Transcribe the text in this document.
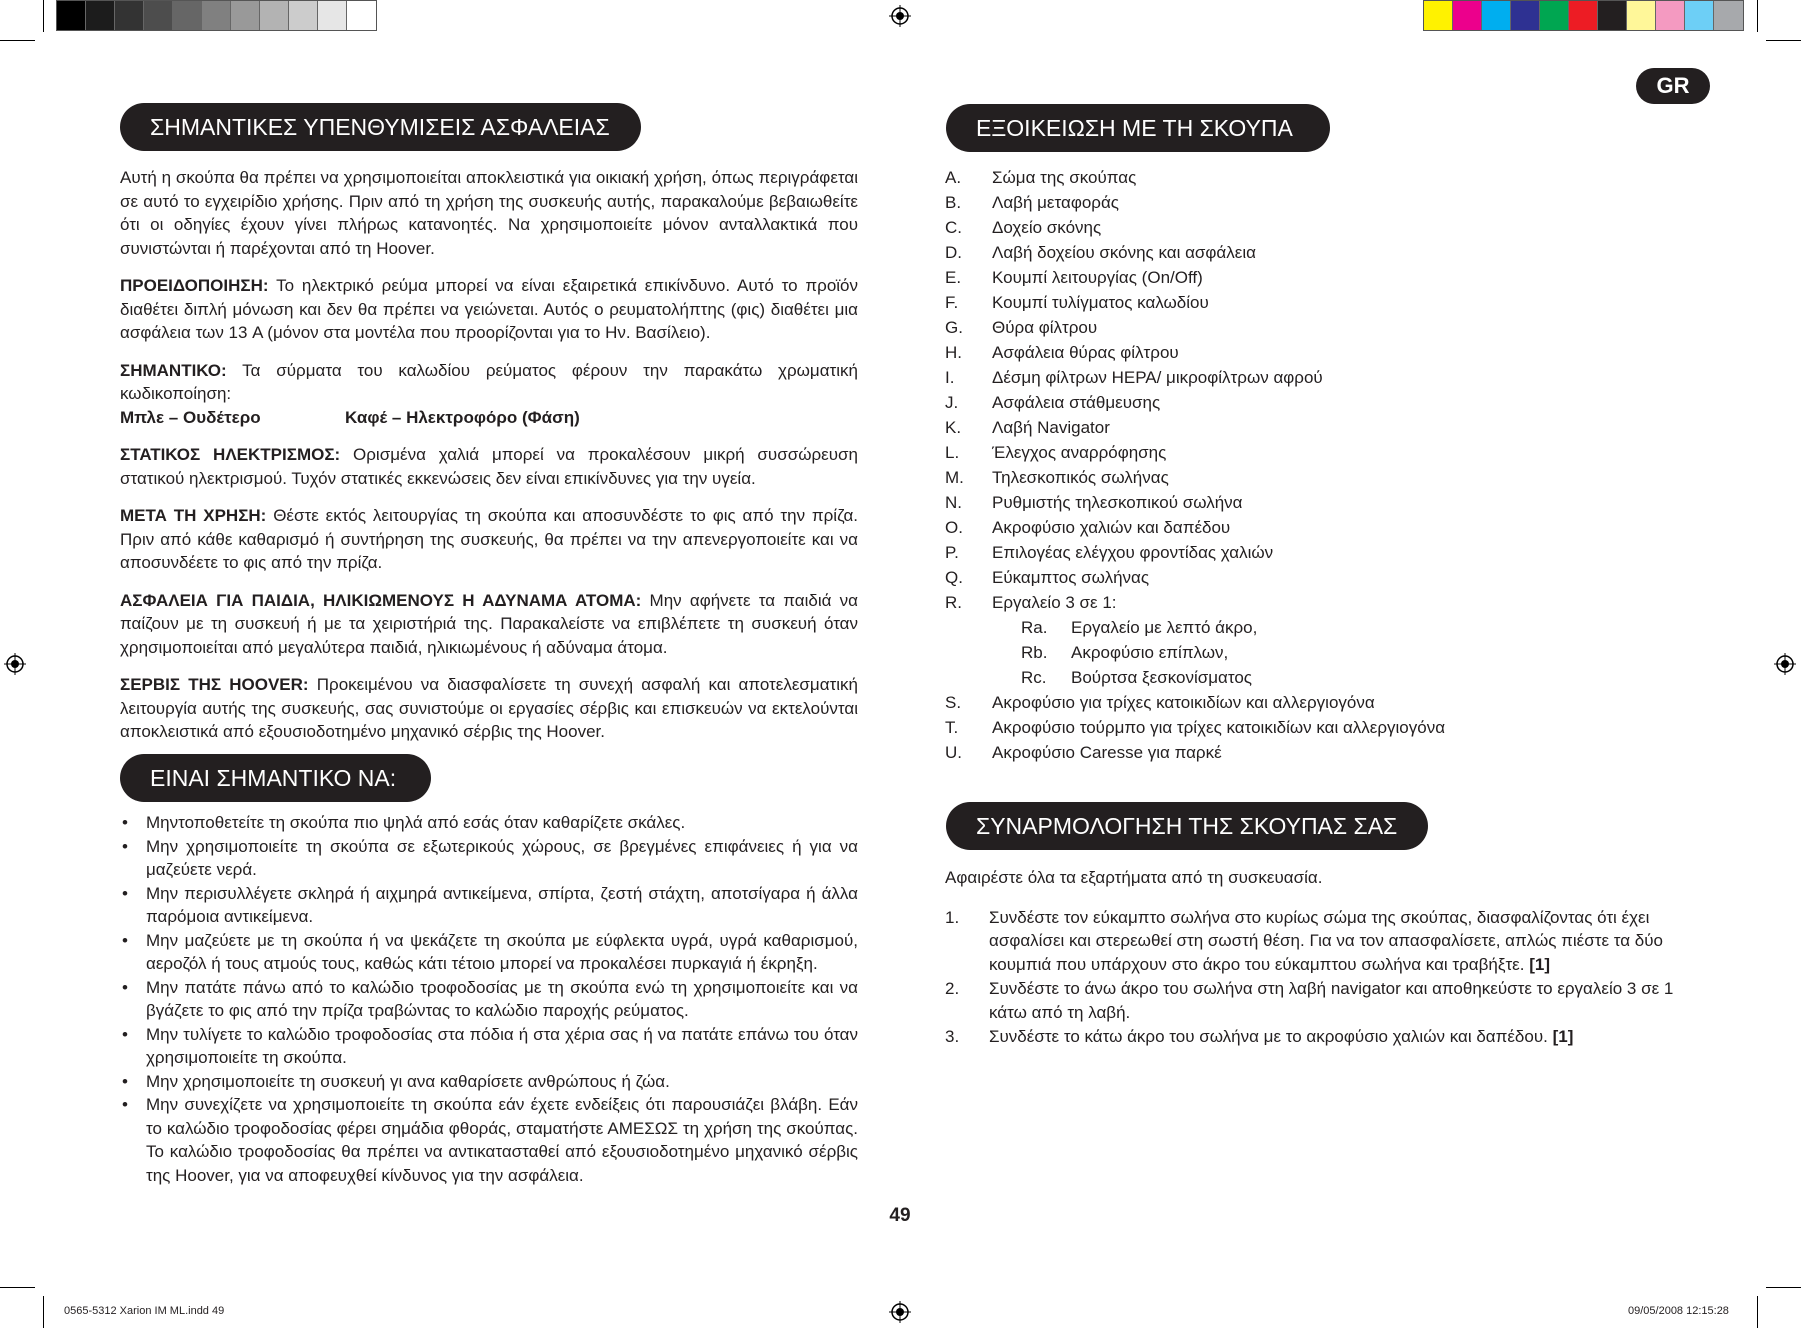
GR
ΣΗΜΑΝΤΙΚΕΣ ΥΠΕΝΘΥΜΙΣΕΙΣ ΑΣΦΑΛΕΙΑΣ

Αυτή η σκούπα θα πρέπει να χρησιμοποιείται αποκλειστικά για οικιακή χρήση, όπως περιγράφεται σε αυτό το εγχειρίδιο χρήσης. Πριν από τη χρήση της συσκευής αυτής, παρακαλούμε βεβαιωθείτε ότι οι οδηγίες έχουν γίνει πλήρως κατανοητές. Να χρησιμοποιείτε μόνον ανταλλακτικά που συνιστώνται ή παρέχονται από τη Hoover.

ΠΡΟΕΙΔΟΠΟΙΗΣΗ: Το ηλεκτρικό ρεύμα μπορεί να είναι εξαιρετικά επικίνδυνο. Αυτό το προϊόν διαθέτει διπλή μόνωση και δεν θα πρέπει να γειώνεται. Αυτός ο ρευματολήπτης (φις) διαθέτει μια ασφάλεια των 13 A (μόνον στα μοντέλα που προορίζονται για το Hν. Βασίλειο).

ΣΗΜΑΝΤΙΚΟ: Τα σύρματα του καλωδίου ρεύματος φέρουν την παρακάτω χρωματική κωδικοποίηση:

Μπλε – Ουδέτερο	Καφέ – Ηλεκτροφόρο (Φάση)

ΣΤΑΤΙΚΟΣ ΗΛΕΚΤΡΙΣΜΟΣ: Ορισμένα χαλιά μπορεί να προκαλέσουν μικρή συσσώρευση στατικού ηλεκτρισμού. Τυχόν στατικές εκκενώσεις δεν είναι επικίνδυνες για την υγεία.

ΜΕΤΑ ΤΗ ΧΡΗΣΗ: Θέστε εκτός λειτουργίας τη σκούπα και αποσυνδέστε το φις από την πρίζα. Πριν από κάθε καθαρισμό ή συντήρηση της συσκευής, θα πρέπει να την απενεργοποιείτε και να αποσυνδέετε το φις από την πρίζα.

ΑΣΦΑΛΕΙΑ ΓΙΑ ΠΑΙΔΙΑ, ΗΛΙΚΙΩΜΕΝΟΥΣ Η ΑΔΥΝΑΜΑ ΑΤΟΜΑ: Μην αφήνετε τα παιδιά να παίζουν με τη συσκευή ή με τα χειριστήριά της. Παρακαλείστε να επιβλέπετε τη συσκευή όταν χρησιμοποιείται από μεγαλύτερα παιδιά, ηλικιωμένους ή αδύναμα άτομα.

ΣΕΡΒΙΣ ΤΗΣ HOOVER: Προκειμένου να διασφαλίσετε τη συνεχή ασφαλή και αποτελεσματική λειτουργία αυτής της συσκευής, σας συνιστούμε οι εργασίες σέρβις και επισκευών να εκτελούνται αποκλειστικά από εξουσιοδοτημένο μηχανικό σέρβις της Hoover.

ΕΙΝΑΙ ΣΗΜΑΝΤΙΚΟ ΝΑ:
• Μηντοποθετείτε τη σκούπα πιο ψηλά από εσάς όταν καθαρίζετε σκάλες.
• Μην χρησιμοποιείτε τη σκούπα σε εξωτερικούς χώρους, σε βρεγμένες επιφάνειες ή για να μαζεύετε νερά.
• Μην περισυλλέγετε σκληρά ή αιχμηρά αντικείμενα, σπίρτα, ζεστή στάχτη, αποτσίγαρα ή άλλα παρόμοια αντικείμενα.
• Μην μαζεύετε με τη σκούπα ή να ψεκάζετε τη σκούπα με εύφλεκτα υγρά, υγρά καθαρισμού, αεροζόλ ή τους ατμούς τους, καθώς κάτι τέτοιο μπορεί να προκαλέσει πυρκαγιά ή έκρηξη.
• Μην πατάτε πάνω από το καλώδιο τροφοδοσίας με τη σκούπα ενώ τη χρησιμοποιείτε και να βγάζετε το φις από την πρίζα τραβώντας το καλώδιο παροχής ρεύματος.
• Μην τυλίγετε το καλώδιο τροφοδοσίας στα πόδια ή στα χέρια σας ή να πατάτε επάνω του όταν χρησιμοποιείτε τη σκούπα.
• Μην χρησιμοποιείτε τη συσκευή γι ανα καθαρίσετε ανθρώπους ή ζώα.
• Μην συνεχίζετε να χρησιμοποιείτε τη σκούπα εάν έχετε ενδείξεις ότι παρουσιάζει βλάβη. Εάν το καλώδιο τροφοδοσίας φέρει σημάδια φθοράς, σταματήστε ΑΜΕΣΩΣ τη χρήση της σκούπας. Το καλώδιο τροφοδοσίας θα πρέπει να αντικατασταθεί από εξουσιοδοτημένο μηχανικό σέρβις της Hoover, για να αποφευχθεί κίνδυνος για την ασφάλεια.
ΕΞΟΙΚΕΙΩΣΗ ΜΕ ΤΗ ΣΚΟΥΠΑ
A.	Σώμα της σκούπας
B.	Λαβή μεταφοράς
C.	Δοχείο σκόνης
D.	Λαβή δοχείου σκόνης και ασφάλεια
E.	Κουμπί λειτουργίας (On/Off)
F.	Κουμπί τυλίγματος καλωδίου
G.	Θύρα φίλτρου
H.	Ασφάλεια θύρας φίλτρου
I.	Δέσμη φίλτρων HEPA/ μικροφίλτρων αφρού
J.	Ασφάλεια στάθμευσης
K.	Λαβή Navigator
L.	Έλεγχος αναρρόφησης
M.	Τηλεσκοπικός σωλήνας
N.	Ρυθμιστής τηλεσκοπικού σωλήνα
O.	Ακροφύσιο χαλιών και δαπέδου
P.	Επιλογέας ελέγχου φροντίδας χαλιών
Q.	Εύκαμπτος σωλήνας
R.	Εργαλείο 3 σε 1:
Ra.	Εργαλείο με λεπτό άκρο,
Rb.	Ακροφύσιο επίπλων,
Rc.	Βούρτσα ξεσκονίσματος
S.	Ακροφύσιο για τρίχες κατοικιδίων και αλλεργιογόνα
T.	Ακροφύσιο τούρμπο για τρίχες κατοικιδίων και αλλεργιογόνα
U.	Ακροφύσιο Caresse για παρκέ
ΣΥΝΑΡΜΟΛΟΓΗΣΗ ΤΗΣ ΣΚΟΥΠΑΣ ΣΑΣ

Αφαιρέστε όλα τα εξαρτήματα από τη συσκευασία.

1.	Συνδέστε τον εύκαμπτο σωλήνα στο κυρίως σώμα της σκούπας, διασφαλίζοντας ότι έχει ασφαλίσει και στερεωθεί στη σωστή θέση. Για να τον απασφαλίσετε, απλώς πιέστε τα δύο κουμπιά που υπάρχουν στο άκρο του εύκαμπτου σωλήνα και τραβήξτε. [1]
2.	Συνδέστε το άνω άκρο του σωλήνα στη λαβή navigator και αποθηκεύστε το εργαλείο 3 σε 1 κάτω από τη λαβή.
3.	Συνδέστε το κάτω άκρο του σωλήνα με το ακροφύσιο χαλιών και δαπέδου. [1]
49
0565-5312 Xarion IM ML.indd 49	09/05/2008 12:15:28
